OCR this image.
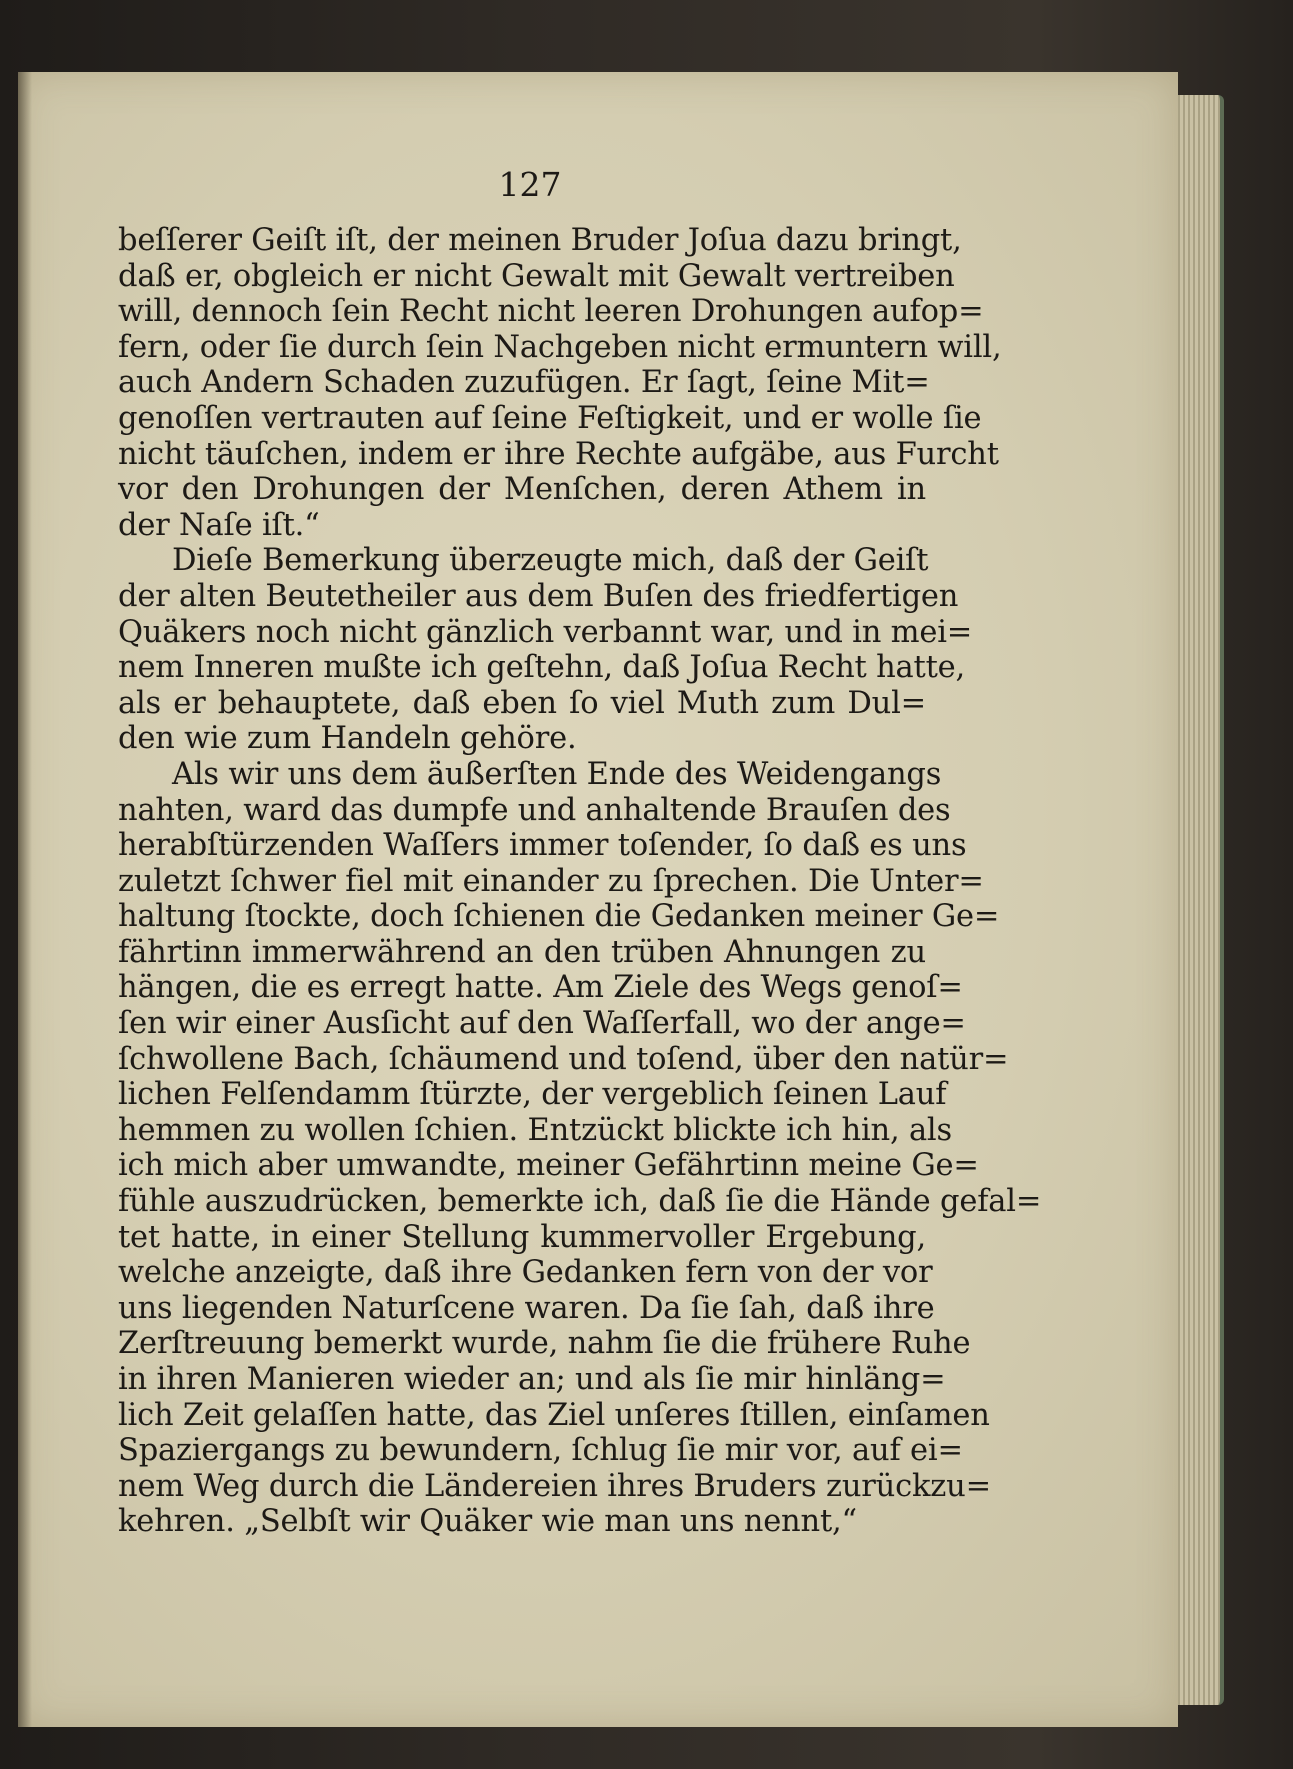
127
beſſerer Geiſt iſt, der meinen Bruder Joſua dazu bringt,
daß er, obgleich er nicht Gewalt mit Gewalt vertreiben
will, dennoch ſein Recht nicht leeren Drohungen aufop=
fern, oder ſie durch ſein Nachgeben nicht ermuntern will,
auch Andern Schaden zuzufügen. Er ſagt, ſeine Mit=
genoſſen vertrauten auf ſeine Feſtigkeit, und er wolle ſie
nicht täuſchen, indem er ihre Rechte aufgäbe, aus Furcht
vor den Drohungen der Menſchen, deren Athem in
der Naſe iſt.“
Dieſe Bemerkung überzeugte mich, daß der Geiſt
der alten Beutetheiler aus dem Buſen des friedfertigen
Quäkers noch nicht gänzlich verbannt war, und in mei=
nem Inneren mußte ich geſtehn, daß Joſua Recht hatte,
als er behauptete, daß eben ſo viel Muth zum Dul=
den wie zum Handeln gehöre.
Als wir uns dem äußerſten Ende des Weidengangs
nahten, ward das dumpfe und anhaltende Brauſen des
herabſtürzenden Waſſers immer toſender, ſo daß es uns
zuletzt ſchwer fiel mit einander zu ſprechen. Die Unter=
haltung ſtockte, doch ſchienen die Gedanken meiner Ge=
fährtinn immerwährend an den trüben Ahnungen zu
hängen, die es erregt hatte. Am Ziele des Wegs genoſ=
ſen wir einer Ausſicht auf den Waſſerfall, wo der ange=
ſchwollene Bach, ſchäumend und toſend, über den natür=
lichen Felſendamm ſtürzte, der vergeblich ſeinen Lauf
hemmen zu wollen ſchien. Entzückt blickte ich hin, als
ich mich aber umwandte, meiner Gefährtinn meine Ge=
fühle auszudrücken, bemerkte ich, daß ſie die Hände gefal=
tet hatte, in einer Stellung kummervoller Ergebung,
welche anzeigte, daß ihre Gedanken fern von der vor
uns liegenden Naturſcene waren. Da ſie ſah, daß ihre
Zerſtreuung bemerkt wurde, nahm ſie die frühere Ruhe
in ihren Manieren wieder an; und als ſie mir hinläng=
lich Zeit gelaſſen hatte, das Ziel unſeres ſtillen, einſamen
Spaziergangs zu bewundern, ſchlug ſie mir vor, auf ei=
nem Weg durch die Ländereien ihres Bruders zurückzu=
kehren. „Selbſt wir Quäker wie man uns nennt,“
